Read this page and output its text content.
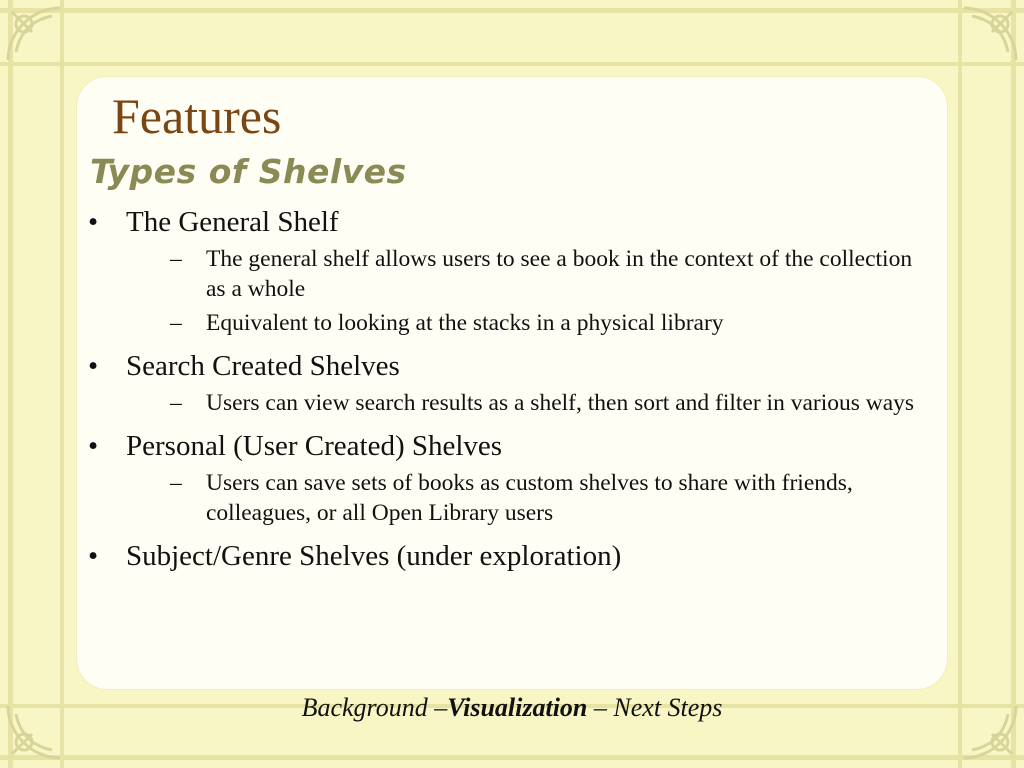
Features
Types of Shelves
• The General Shelf
– The general shelf allows users to see a book in the context of the collection as a whole
– Equivalent to looking at the stacks in a physical library
• Search Created Shelves
– Users can view search results as a shelf, then sort and filter in various ways
• Personal (User Created) Shelves
– Users can save sets of books as custom shelves to share with friends, colleagues, or all Open Library users
• Subject/Genre Shelves (under exploration)
Background –Visualization – Next Steps
